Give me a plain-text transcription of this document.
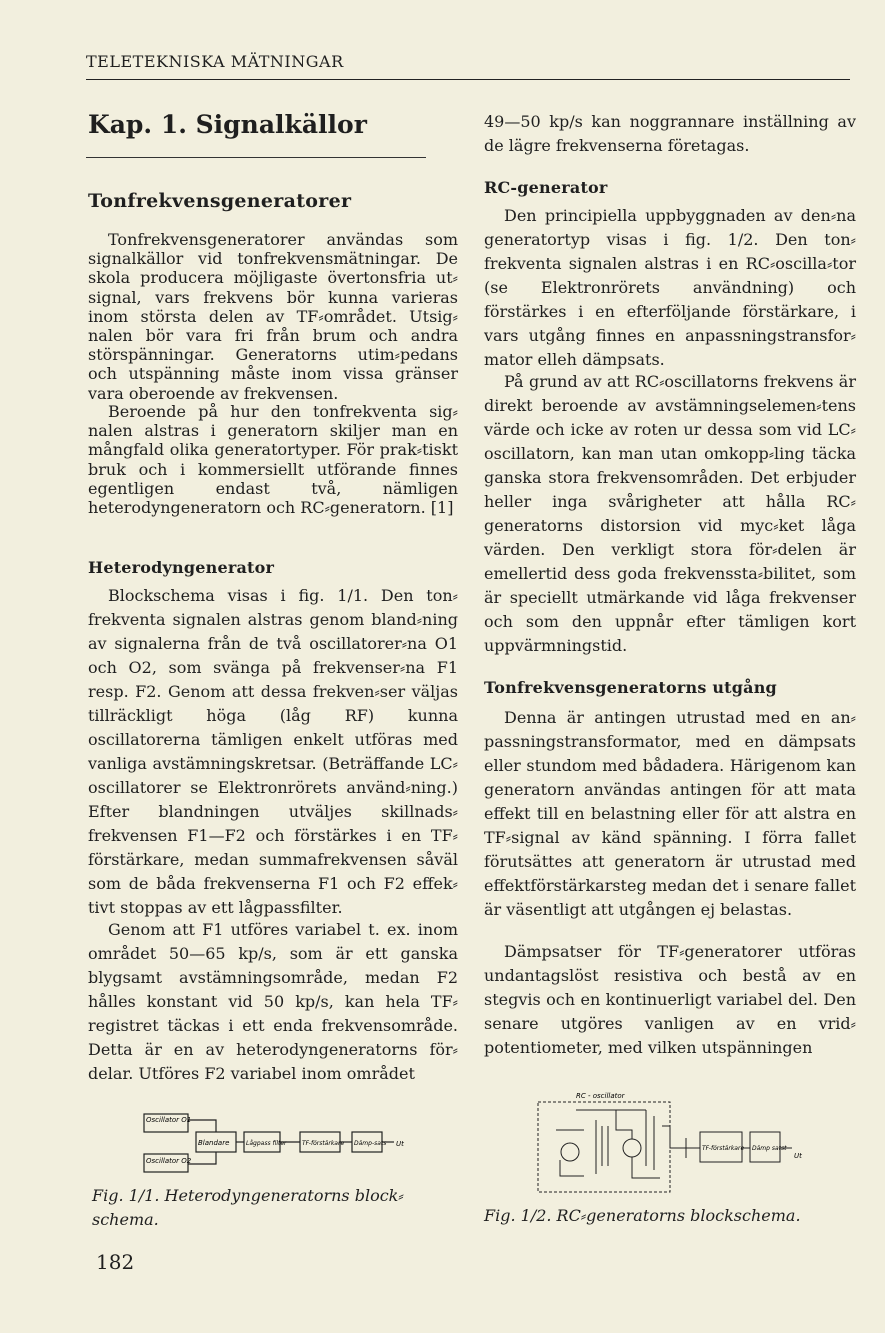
TELETEKNISKA MÄTNINGAR
Kap. 1. Signalkällor
Tonfrekvensgeneratorer

Tonfrekvensgeneratorer användas som signalkällor vid tonfrekvensmätningar. De skola producera möjligaste övertonsfria ut⸗signal, vars frekvens bör kunna varieras inom största delen av TF⸗området. Utsig⸗nalen bör vara fri från brum och andra störspänningar. Generatorns utim⸗pedans och utspänning måste inom vissa gränser vara oberoende av frekvensen.

Beroende på hur den tonfrekventa sig⸗nalen alstras i generatorn skiljer man en mångfald olika generatortyper. För prak⸗tiskt bruk och i kommersiellt utförande finnes egentligen endast två, nämligen heterodyngeneratorn och RC⸗generatorn. [1]

Heterodyngenerator

Blockschema visas i fig. 1/1. Den ton⸗frekventa signalen alstras genom bland⸗ning av signalerna från de två oscillatorer⸗na O1 och O2, som svänga på frekvenser⸗na F1 resp. F2. Genom att dessa frekven⸗ser väljas tillräckligt höga (låg RF) kunna oscillatorerna tämligen enkelt utföras med vanliga avstämningskretsar. (Beträffande LC⸗oscillatorer se Elektronrörets använd⸗ning.) Efter blandningen utväljes skillnads⸗frekvensen F1—F2 och förstärkes i en TF⸗förstärkare, medan summafrekvensen såväl som de båda frekvenserna F1 och F2 effek⸗tivt stoppas av ett lågpassfilter.

Genom att F1 utföres variabel t. ex. inom området 50—65 kp/s, som är ett ganska blygsamt avstämningsområde, medan F2 hålles konstant vid 50 kp/s, kan hela TF⸗registret täckas i ett enda frekvensområde. Detta är en av heterodyngeneratorns för⸗delar. Utföres F2 variabel inom området

Oscillator O1
Oscillator O2
Blandare	Lågpass filter	TF-förstärkare Dämp-sats Ut
Fig. 1/1. Heterodyngeneratorns block⸗schema.

49—50 kp/s kan noggrannare inställning av de lägre frekvenserna företagas.

RC-generator

Den principiella uppbyggnaden av den⸗na generatortyp visas i fig. 1/2. Den ton⸗frekventa signalen alstras i en RC⸗oscilla⸗tor (se Elektronrörets användning) och förstärkes i en efterföljande förstärkare, i vars utgång finnes en anpassningstransfor⸗mator elleh dämpsats.

På grund av att RC⸗oscillatorns frekvens är direkt beroende av avstämningselemen⸗tens värde och icke av roten ur dessa som vid LC⸗oscillatorn, kan man utan omkopp⸗ling täcka ganska stora frekvensområden. Det erbjuder heller inga svårigheter att hålla RC⸗generatorns distorsion vid myc⸗ket låga värden. Den verkligt stora för⸗delen är emellertid dess goda frekvenssta⸗bilitet, som är speciellt utmärkande vid låga frekvenser och som den uppnår efter tämligen kort uppvärmningstid.

Tonfrekvensgeneratorns utgång

Denna är antingen utrustad med en an⸗passningstransformator, med en dämpsats eller stundom med bådadera. Härigenom kan generatorn användas antingen för att mata effekt till en belastning eller för att alstra en TF⸗signal av känd spänning. I förra fallet förutsättes att generatorn är utrustad med effektförstärkarsteg medan det i senare fallet är väsentligt att utgången ej belastas.

Dämpsatser för TF⸗generatorer utföras undantagslöst resistiva och bestå av en stegvis och en kontinuerligt variabel del. Den senare utgöres vanligen av en vrid⸗potentiometer, med vilken utspänningen

RC - oscillator
TF-förstärkare Dämp satst
Ut
Fig. 1/2. RC⸗generatorns blockschema.
182
